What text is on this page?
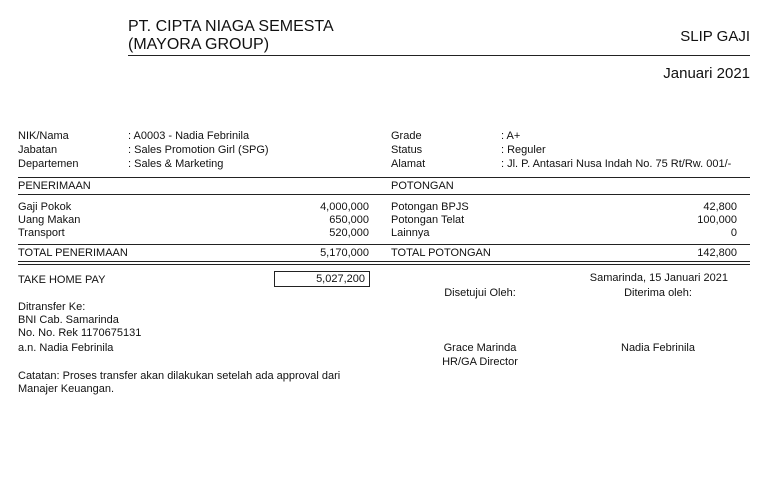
PT. CIPTA NIAGA SEMESTA
(MAYORA GROUP)	SLIP GAJI
Januari 2021
NIK/Nama	: A0003 - Nadia Febrinila
Jabatan	: Sales Promotion Girl (SPG)
Departemen	: Sales & Marketing
Grade	: A+
Status	: Reguler
Alamat	: Jl. P. Antasari Nusa Indah No. 75 Rt/Rw. 001/-
PENERIMAAN	POTONGAN
Gaji Pokok	4,000,000
Uang Makan	650,000
Transport	520,000
Potongan BPJS	42,800
Potongan Telat	100,000
Lainnya	0
TOTAL PENERIMAAN	5,170,000 TOTAL POTONGAN	142,800
TAKE HOME PAY	5,027,200	Samarinda, 15 Januari 2021
Disetujui Oleh:	Diterima oleh:
Grace Marinda
HR/GA Director
Nadia Febrinila
Ditransfer Ke:
BNI Cab. Samarinda
No. No. Rek 1170675131
a.n. Nadia Febrinila
Catatan: Proses transfer akan dilakukan setelah ada approval dari
Manajer Keuangan.
